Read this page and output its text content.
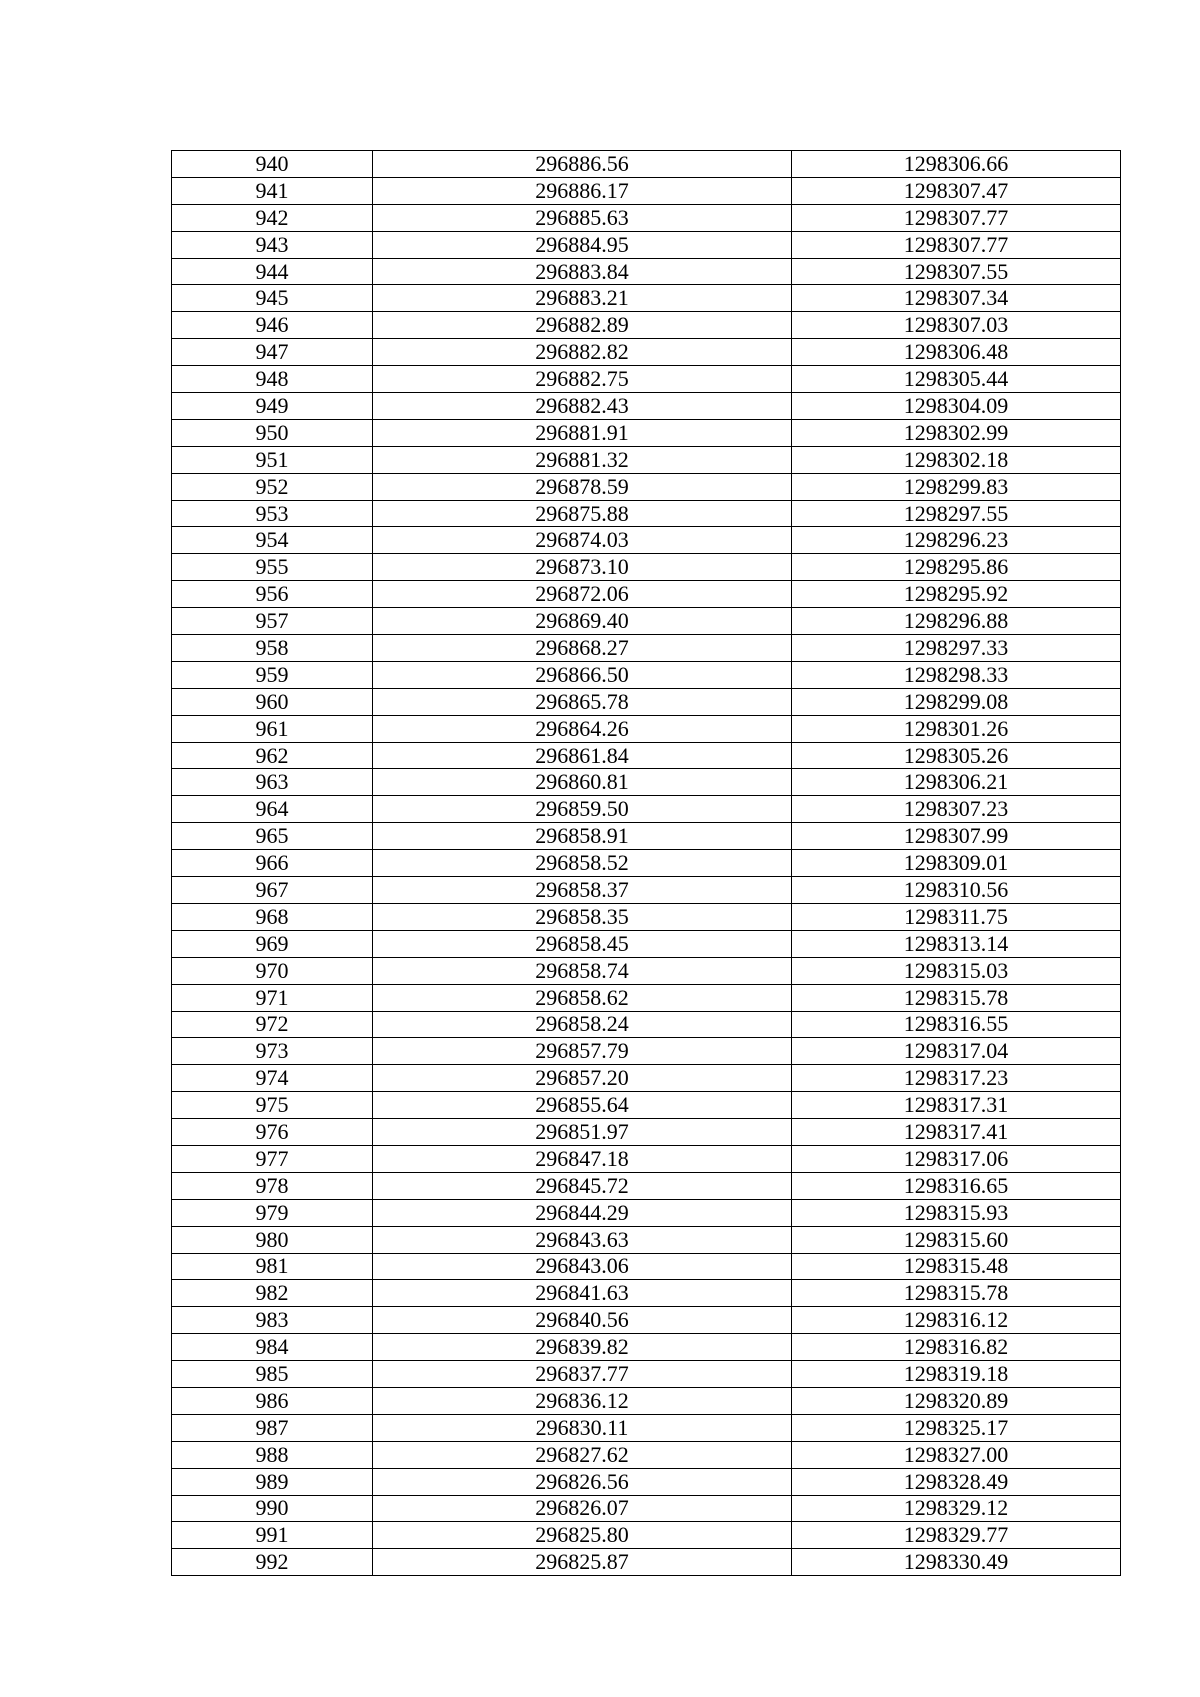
940	296886.56	1298306.66
941	296886.17	1298307.47
942	296885.63	1298307.77
943	296884.95	1298307.77
944	296883.84	1298307.55
945	296883.21	1298307.34
946	296882.89	1298307.03
947	296882.82	1298306.48
948	296882.75	1298305.44
949	296882.43	1298304.09
950	296881.91	1298302.99
951	296881.32	1298302.18
952	296878.59	1298299.83
953	296875.88	1298297.55
954	296874.03	1298296.23
955	296873.10	1298295.86
956	296872.06	1298295.92
957	296869.40	1298296.88
958	296868.27	1298297.33
959	296866.50	1298298.33
960	296865.78	1298299.08
961	296864.26	1298301.26
962	296861.84	1298305.26
963	296860.81	1298306.21
964	296859.50	1298307.23
965	296858.91	1298307.99
966	296858.52	1298309.01
967	296858.37	1298310.56
968	296858.35	1298311.75
969	296858.45	1298313.14
970	296858.74	1298315.03
971	296858.62	1298315.78
972	296858.24	1298316.55
973	296857.79	1298317.04
974	296857.20	1298317.23
975	296855.64	1298317.31
976	296851.97	1298317.41
977	296847.18	1298317.06
978	296845.72	1298316.65
979	296844.29	1298315.93
980	296843.63	1298315.60
981	296843.06	1298315.48
982	296841.63	1298315.78
983	296840.56	1298316.12
984	296839.82	1298316.82
985	296837.77	1298319.18
986	296836.12	1298320.89
987	296830.11	1298325.17
988	296827.62	1298327.00
989	296826.56	1298328.49
990	296826.07	1298329.12
991	296825.80	1298329.77
992	296825.87	1298330.49
